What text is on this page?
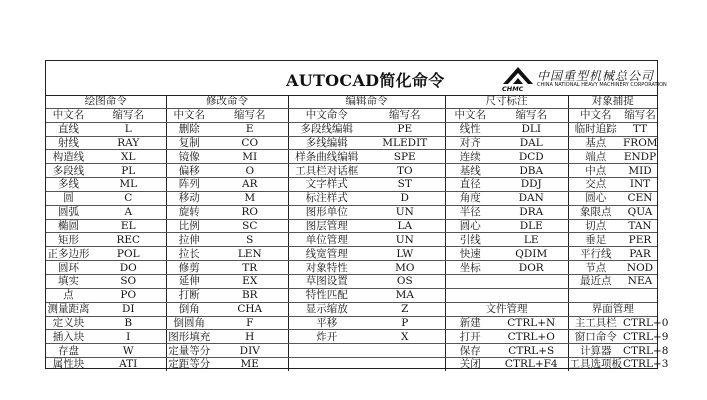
AUTOCAD简化命令	CHMC
中国重型机械总公司
CHINA NATIONAL HEAVY MACHINERY CORPORATION
绘图命令		修改命令		编辑命令		尺寸标注		对象捕捉	
中文名	缩写名	中文名	缩写名	中文命令	缩写名	中文名	缩写名	中文名	缩写名
直线	L	删除	E	多段线编辑	PE	线性	DLI	临时追踪	TT
射线	RAY	复制	CO	多线编辑	MLEDIT	对齐	DAL	基点	FROM
构造线	XL	镜像	MI	样条曲线编辑	SPE	连续	DCD	端点	ENDP
多段线	PL	偏移	O	工具栏对话框	TO	基线	DBA	中点	MID
多线	ML	阵列	AR	文字样式	ST	直径	DDJ	交点	INT
圆	C	移动	M	标注样式	D	角度	DAN	圆心	CEN
圆弧	A	旋转	RO	图形单位	UN	半径	DRA	象限点	QUA
椭圆	EL	比例	SC	图层管理	LA	圆心	DLE	切点	TAN
矩形	REC	拉伸	S	单位管理	UN	引线	LE	垂足	PER
正多边形	POL	拉长	LEN	线宽管理	LW	快速	QDIM	平行线	PAR
圆环	DO	修剪	TR	对象特性	MO	坐标	DOR	节点	NOD
填实	SO	延伸	EX	草图设置	OS			最近点	NEA
点	PO	打断	BR	特性匹配	MA				
测量距离	DI	倒角	CHA	显示缩放	Z	文件管理		界面管理	
定义块	B	倒圆角	F	平移	P	新建	CTRL+N	主工具栏	CTRL+0
插入块	I	图形填充	H	炸开	X	打开	CTRL+O	窗口命令	CTRL+9
存盘	W	定量等分	DIV			保存	CTRL+S	计算器	CTRL+8
属性块	ATI	定距等分	ME			关闭	CTRL+F4	工具选项板	CTRL+3
